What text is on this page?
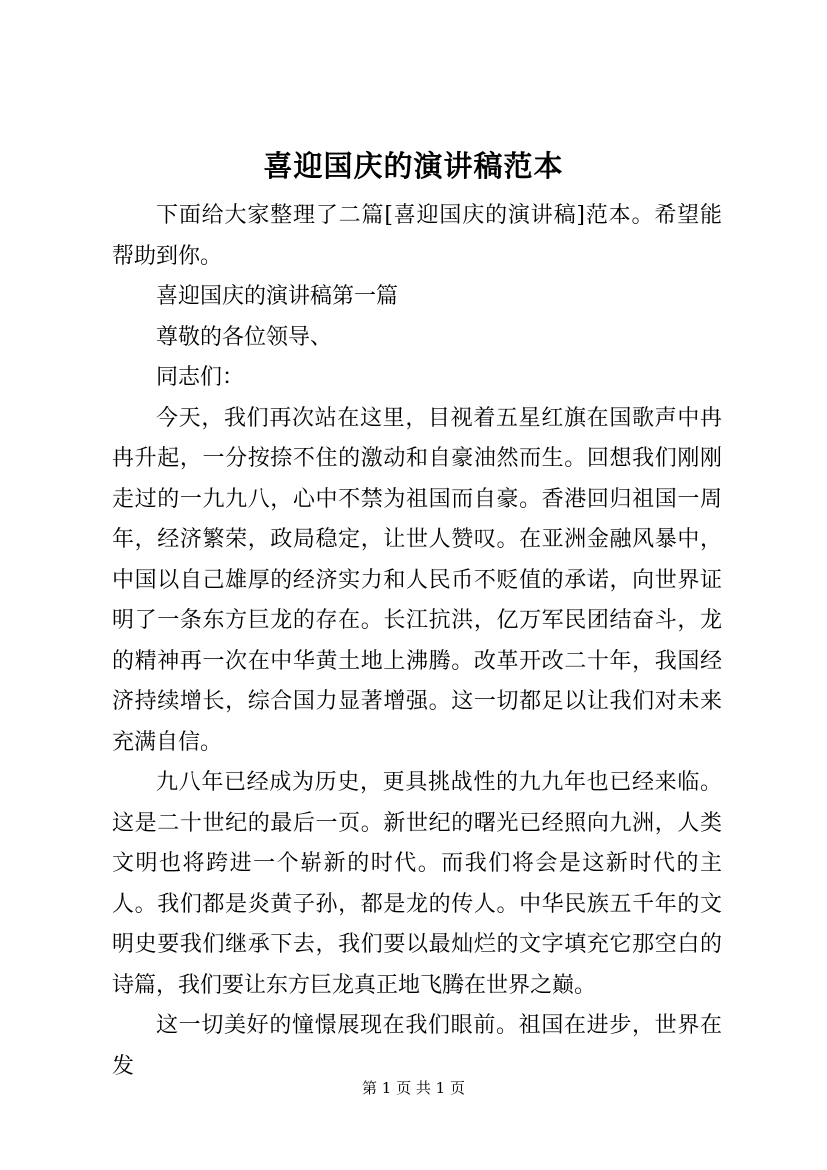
喜迎国庆的演讲稿范本

下面给大家整理了二篇[喜迎国庆的演讲稿]范本。希望能帮助到你。

喜迎国庆的演讲稿第一篇

尊敬的各位领导、

同志们：

今天，我们再次站在这里，目视着五星红旗在国歌声中冉冉升起，一分按捺不住的激动和自豪油然而生。回想我们刚刚走过的一九九八，心中不禁为祖国而自豪。香港回归祖国一周年，经济繁荣，政局稳定，让世人赞叹。在亚洲金融风暴中，中国以自己雄厚的经济实力和人民币不贬值的承诺，向世界证明了一条东方巨龙的存在。长江抗洪，亿万军民团结奋斗，龙的精神再一次在中华黄土地上沸腾。改革开改二十年，我国经济持续增长，综合国力显著增强。这一切都足以让我们对未来充满自信。

九八年已经成为历史，更具挑战性的九九年也已经来临。这是二十世纪的最后一页。新世纪的曙光已经照向九洲，人类文明也将跨进一个崭新的时代。而我们将会是这新时代的主人。我们都是炎黄子孙，都是龙的传人。中华民族五千年的文明史要我们继承下去，我们要以最灿烂的文字填充它那空白的诗篇，我们要让东方巨龙真正地飞腾在世界之巅。

这一切美好的憧憬展现在我们眼前。祖国在进步，世界在发

第 1 页 共 1 页
